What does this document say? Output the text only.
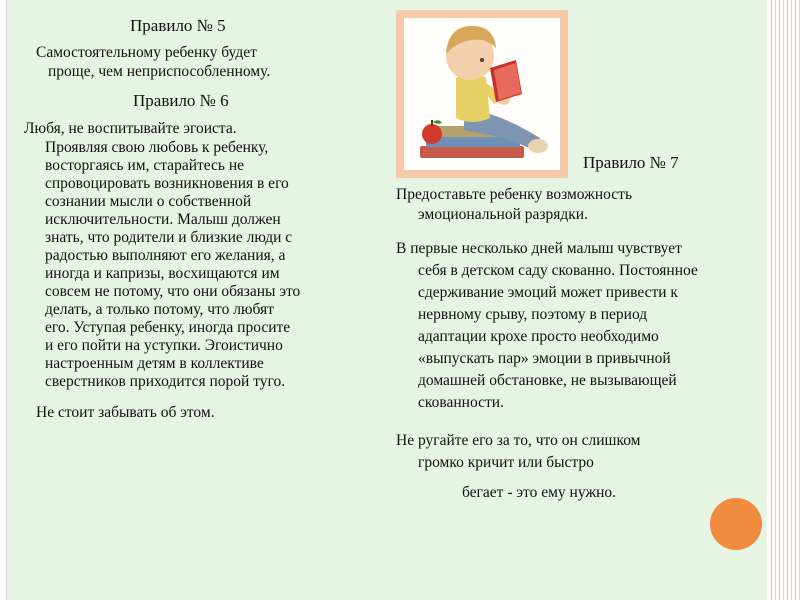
Правило № 5

Самостоятельному ребенку будет

проще, чем неприспособленному.

Правило № 6

Любя, не воспитывайте эгоиста.

Проявляя свою любовь к ребенку,

восторгаясь им, старайтесь не

спровоцировать возникновения в его

сознании мысли о собственной

исключительности. Малыш должен

знать, что родители и близкие люди с

радостью выполняют его желания, а

иногда и капризы, восхищаются им

совсем не потому, что они обязаны это

делать, а только потому, что любят

его. Уступая ребенку, иногда просите

и его пойти на уступки. Эгоистично

настроенным детям в коллективе

сверстников приходится порой туго.

Не стоит забывать об этом.

Правило № 7

Предоставьте ребенку возможность

эмоциональной разрядки.

В первые несколько дней малыш чувствует

себя в детском саду скованно. Постоянное

сдерживание эмоций может привести к

нервному срыву, поэтому в период

адаптации крохе просто необходимо

«выпускать пар» эмоции в привычной

домашней обстановке, не вызывающей

скованности.

Не ругайте его за то, что он слишком

громко кричит или быстро

бегает - это ему нужно.
